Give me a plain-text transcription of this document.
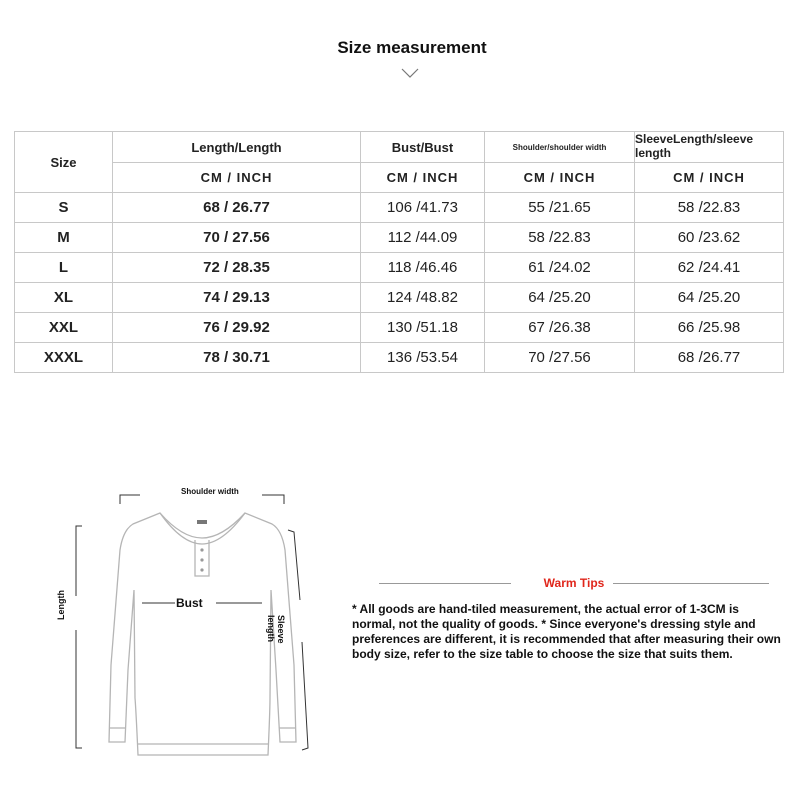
Size measurement
Size	Length/Length	Bust/Bust	Shoulder/shoulder width	SleeveLength/sleeve length
	CM / INCH	CM / INCH	CM / INCH	CM / INCH
S	68 / 26.77	106 /41.73	55 /21.65	58 /22.83
M	70 / 27.56	112 /44.09	58 /22.83	60 /23.62
L	72 / 28.35	118 /46.46	61 /24.02	62 /24.41
XL	74 / 29.13	124 /48.82	64 /25.20	64 /25.20
XXL	76 / 29.92	130 /51.18	67 /26.38	66 /25.98
XXXL	78 / 30.71	136 /53.54	70 /27.56	68 /26.77
Shoulder width
Bust
Length
Sleeve
length
Warm Tips
* All goods are hand-tiled measurement, the actual error of 1-3CM is normal, not the quality of goods. * Since everyone's dressing style and preferences are different, it is recommended that after measuring their own body size, refer to the size table to choose the size that suits them.
